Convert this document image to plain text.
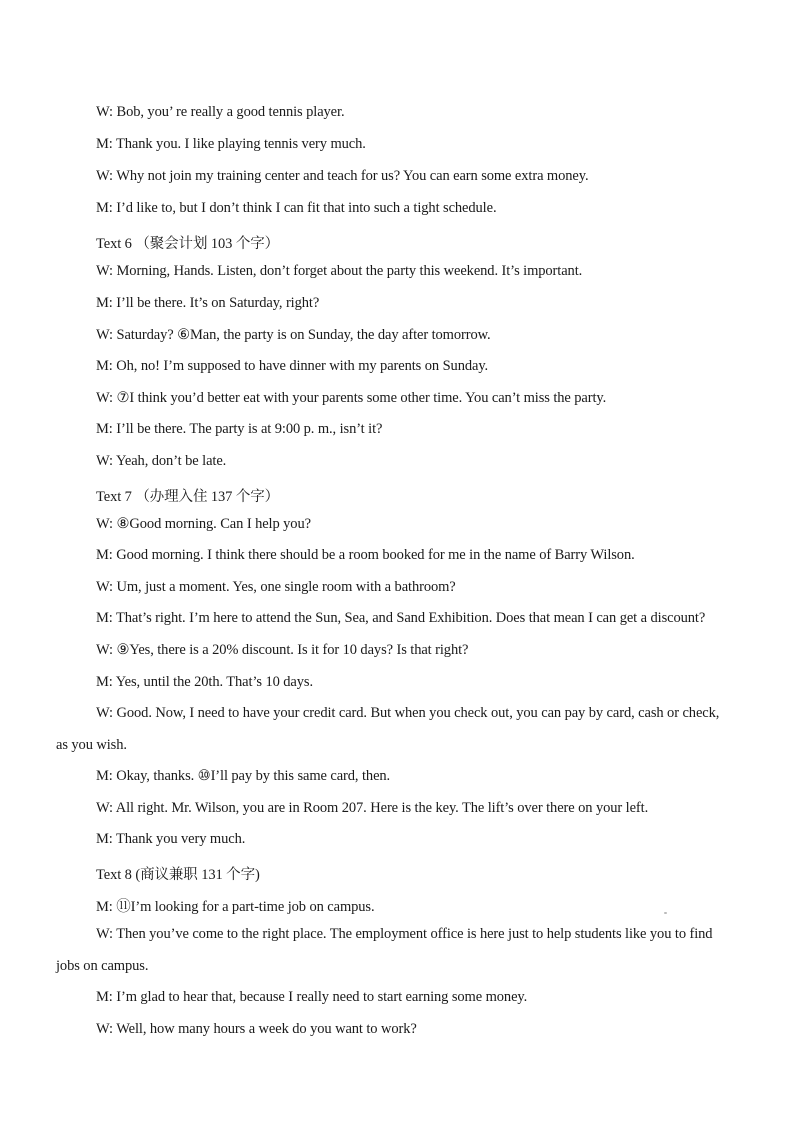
W: Bob, you’ re really a good tennis player.
M: Thank you. I like playing tennis very much.
W: Why not join my training center and teach for us? You can earn some extra money.
M: I’d like to, but I don’t think I can fit that into such a tight schedule.
Text 6 （聚会计划 103 个字）
W: Morning, Hands. Listen, don’t forget about the party this weekend. It’s important.
M: I’ll be there. It’s on Saturday, right?
W: Saturday? ⑥Man, the party is on Sunday, the day after tomorrow.
M: Oh, no! I’m supposed to have dinner with my parents on Sunday.
W: ⑦I think you’d better eat with your parents some other time. You can’t miss the party.
M: I’ll be there. The party is at 9:00 p. m., isn’t it?
W: Yeah, don’t be late.
Text 7 （办理入住 137 个字）
W: ⑧Good morning. Can I help you?
M: Good morning. I think there should be a room booked for me in the name of Barry Wilson.
W: Um, just a moment. Yes, one single room with a bathroom?
M: That’s right. I’m here to attend the Sun, Sea, and Sand Exhibition. Does that mean I can get a discount?
W: ⑨Yes, there is a 20% discount. Is it for 10 days? Is that right?
M: Yes, until the 20th. That’s 10 days.
W: Good. Now, I need to have your credit card. But when you check out, you can pay by card, cash or check,
as you wish.
M: Okay, thanks. ⑩I’ll pay by this same card, then.
W: All right. Mr. Wilson, you are in Room 207. Here is the key. The lift’s over there on your left.
M: Thank you very much.
Text 8 (商议兼职 131 个字)
M: ⑪I’m looking for a part-time job on campus.
W: Then you’ve come to the right place. The employment office is here just to help students like you to find
jobs on campus.
M: I’m glad to hear that, because I really need to start earning some money.
W: Well, how many hours a week do you want to work?
